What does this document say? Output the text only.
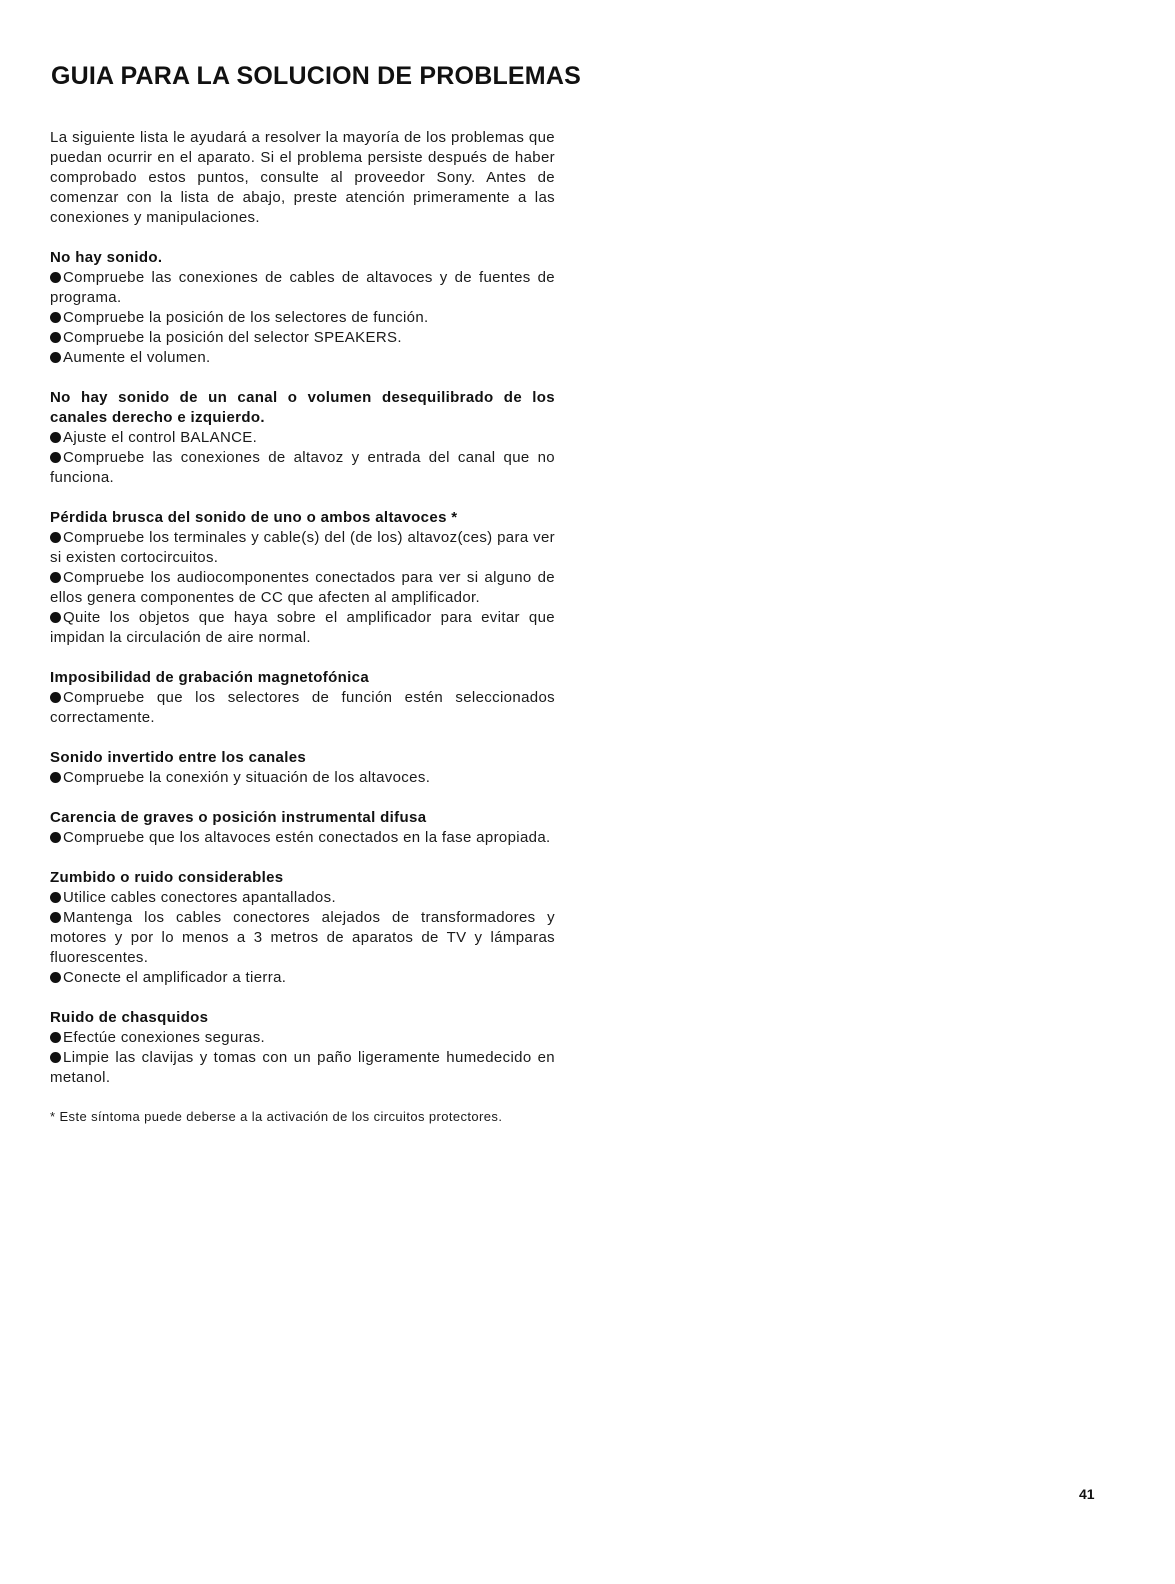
GUIA PARA LA SOLUCION DE PROBLEMAS

La siguiente lista le ayudará a resolver la mayoría de los problemas que puedan ocurrir en el aparato. Si el problema persiste después de haber comprobado estos puntos, consulte al proveedor Sony. Antes de comenzar con la lista de abajo, preste atención primeramente a las conexiones y manipulaciones.

No hay sonido.

Compruebe las conexiones de cables de altavoces y de fuentes de programa.
Compruebe la posición de los selectores de función.
Compruebe la posición del selector SPEAKERS.
Aumente el volumen.

No hay sonido de un canal o volumen desequilibrado de los canales derecho e izquierdo.

Ajuste el control BALANCE.
Compruebe las conexiones de altavoz y entrada del canal que no funciona.

Pérdida brusca del sonido de uno o ambos altavoces *

Compruebe los terminales y cable(s) del (de los) altavoz(ces) para ver si existen cortocircuitos.
Compruebe los audiocomponentes conectados para ver si alguno de ellos genera componentes de CC que afecten al amplificador.
Quite los objetos que haya sobre el amplificador para evitar que impidan la circulación de aire normal.

Imposibilidad de grabación magnetofónica

Compruebe que los selectores de función estén seleccionados correctamente.

Sonido invertido entre los canales

Compruebe la conexión y situación de los altavoces.

Carencia de graves o posición instrumental difusa

Compruebe que los altavoces estén conectados en la fase apropiada.

Zumbido o ruido considerables

Utilice cables conectores apantallados.
Mantenga los cables conectores alejados de transformadores y motores y por lo menos a 3 metros de aparatos de TV y lámparas fluorescentes.
Conecte el amplificador a tierra.

Ruido de chasquidos

Efectúe conexiones seguras.
Limpie las clavijas y tomas con un paño ligeramente humedecido en metanol.

* Este síntoma puede deberse a la activación de los circuitos protectores.

41
